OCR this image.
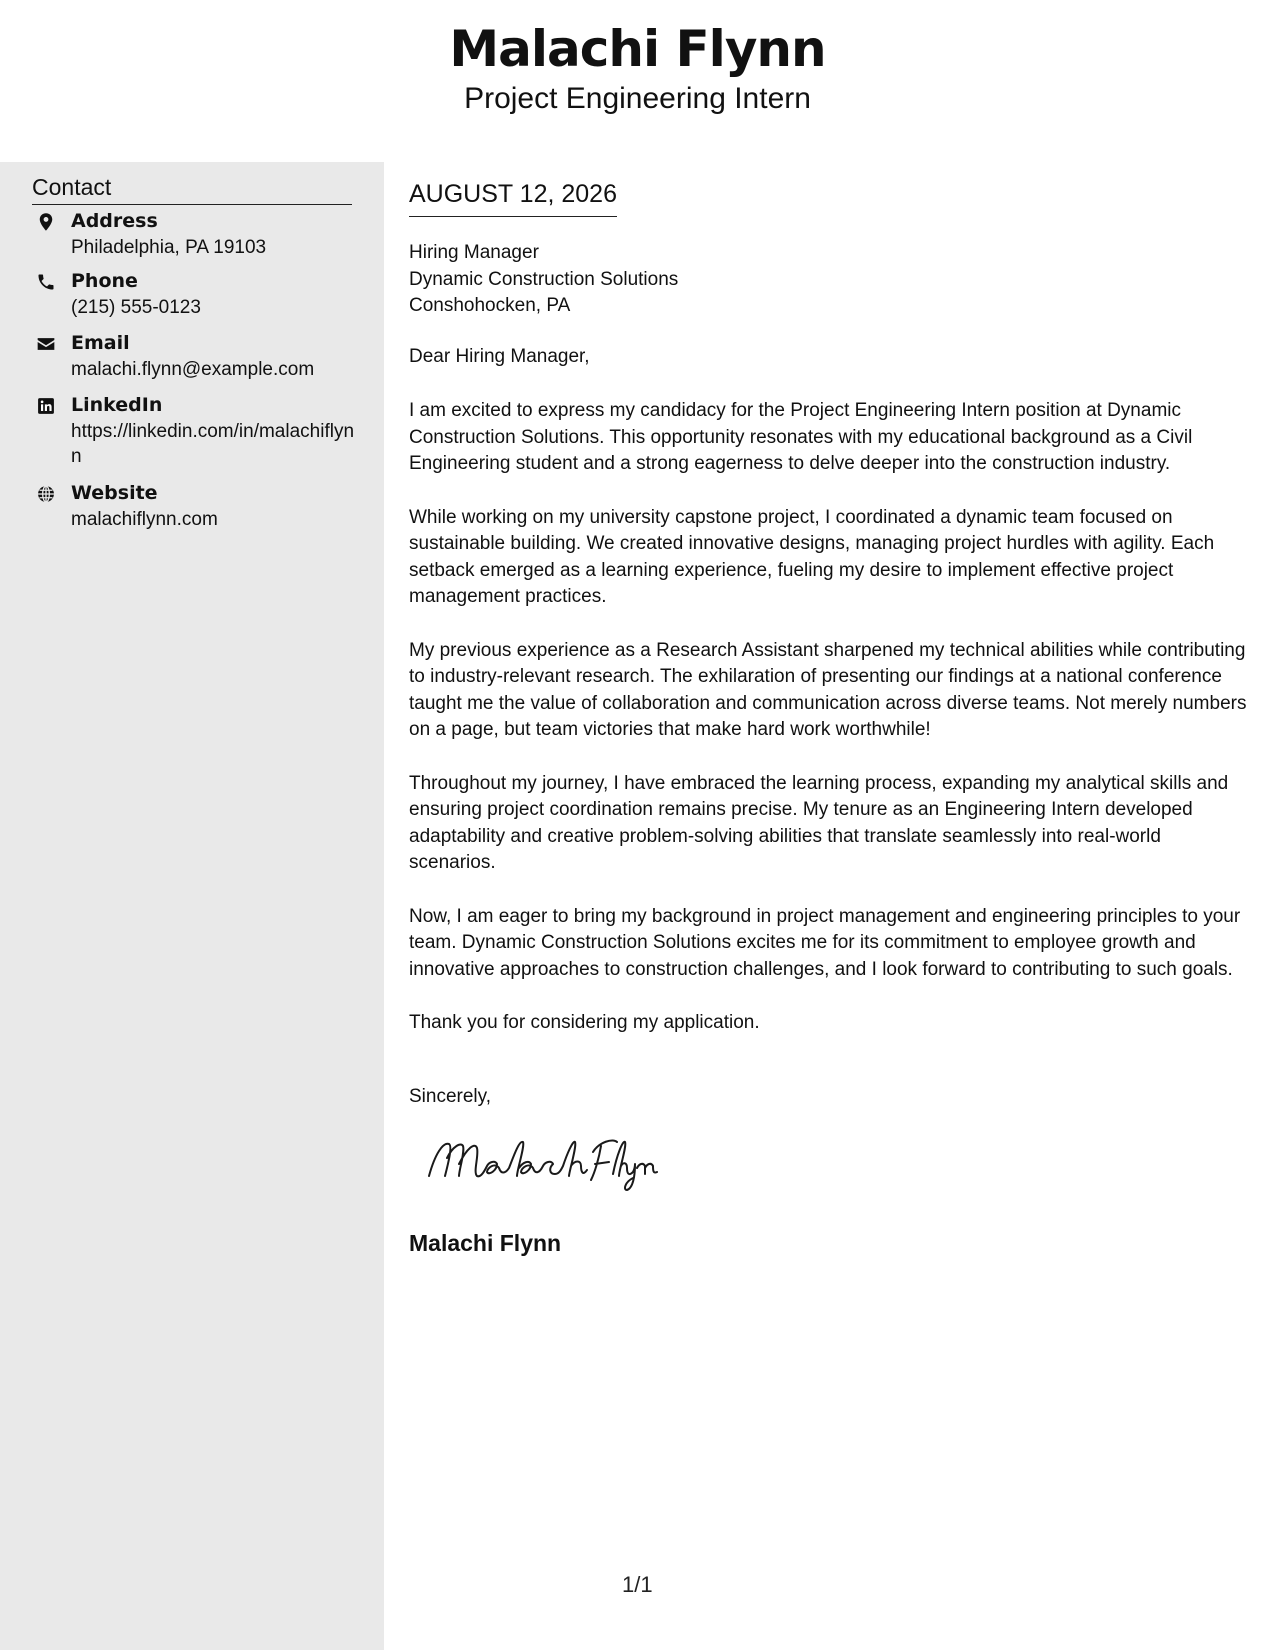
Malachi Flynn
Project Engineering Intern
Contact
Address
Philadelphia, PA 19103
Phone
(215) 555-0123
Email
malachi.flynn@example.com
LinkedIn
https://linkedin.com/in/malachiflynn
Website
malachiflynn.com
AUGUST 12, 2026
Hiring Manager
Dynamic Construction Solutions
Conshohocken, PA
Dear Hiring Manager,

I am excited to express my candidacy for the Project Engineering Intern position at Dynamic Construction Solutions. This opportunity resonates with my educational background as a Civil Engineering student and a strong eagerness to delve deeper into the construction industry.

While working on my university capstone project, I coordinated a dynamic team focused on sustainable building. We created innovative designs, managing project hurdles with agility. Each setback emerged as a learning experience, fueling my desire to implement effective project management practices.

My previous experience as a Research Assistant sharpened my technical abilities while contributing to industry-relevant research. The exhilaration of presenting our findings at a national conference taught me the value of collaboration and communication across diverse teams. Not merely numbers on a page, but team victories that make hard work worthwhile!

Throughout my journey, I have embraced the learning process, expanding my analytical skills and ensuring project coordination remains precise. My tenure as an Engineering Intern developed adaptability and creative problem-solving abilities that translate seamlessly into real-world scenarios.

Now, I am eager to bring my background in project management and engineering principles to your team. Dynamic Construction Solutions excites me for its commitment to employee growth and innovative approaches to construction challenges, and I look forward to contributing to such goals.

Thank you for considering my application.

Sincerely,
Malachi Flynn
1/1
